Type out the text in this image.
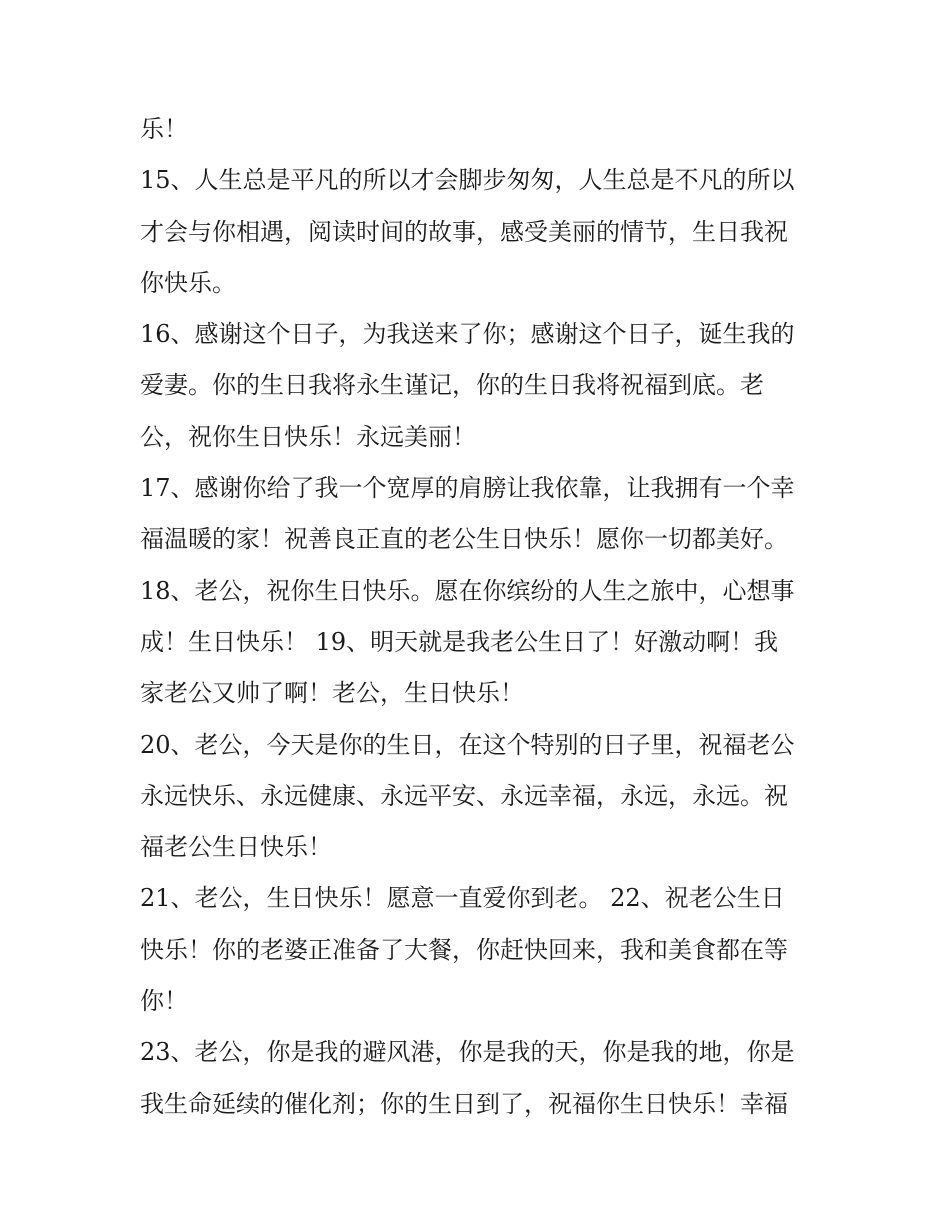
乐！
15、人生总是平凡的所以才会脚步匆匆，人生总是不凡的所以
才会与你相遇，阅读时间的故事，感受美丽的情节，生日我祝
你快乐。
16、感谢这个日子，为我送来了你；感谢这个日子，诞生我的
爱妻。你的生日我将永生谨记，你的生日我将祝福到底。老
公，祝你生日快乐！永远美丽！
17、感谢你给了我一个宽厚的肩膀让我依靠，让我拥有一个幸
福温暖的家！祝善良正直的老公生日快乐！愿你一切都美好。
18、老公，祝你生日快乐。愿在你缤纷的人生之旅中，心想事
成！生日快乐！ 19、明天就是我老公生日了！好激动啊！我
家老公又帅了啊！老公，生日快乐！
20、老公，今天是你的生日，在这个特别的日子里，祝福老公
永远快乐、永远健康、永远平安、永远幸福，永远，永远。祝
福老公生日快乐！
21、老公，生日快乐！愿意一直爱你到老。 22、祝老公生日
快乐！你的老婆正准备了大餐，你赶快回来，我和美食都在等
你！
23、老公，你是我的避风港，你是我的天，你是我的地，你是
我生命延续的催化剂；你的生日到了，祝福你生日快乐！幸福
